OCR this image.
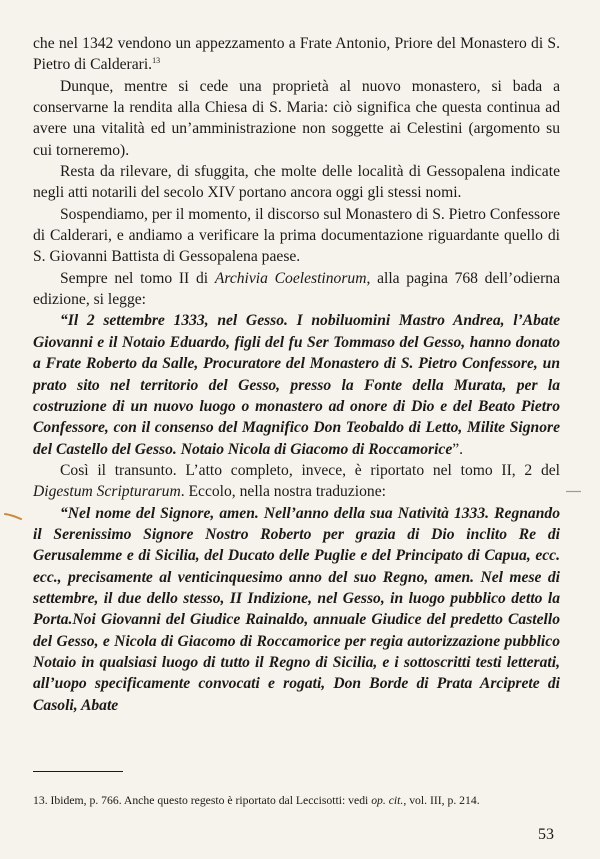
che nel 1342 vendono un appezzamento a Frate Antonio, Priore del Monastero di S. Pietro di Calderari.$^{13}$

Dunque, mentre si cede una proprietà al nuovo monastero, si bada a conservarne la rendita alla Chiesa di S. Maria: ciò significa che questa continua ad avere una vitalità ed un’amministrazione non soggette ai Celestini (argomento su cui torneremo).

Resta da rilevare, di sfuggita, che molte delle località di Gessopalena indicate negli atti notarili del secolo XIV portano ancora oggi gli stessi nomi.

Sospendiamo, per il momento, il discorso sul Monastero di S. Pietro Confessore di Calderari, e andiamo a verificare la prima documentazione riguardante quello di S. Giovanni Battista di Gessopalena paese.

Sempre nel tomo II di Archivia Coelestinorum, alla pagina 768 dell’odierna edizione, si legge:

“Il 2 settembre 1333, nel Gesso. I nobiluomini Mastro Andrea, l’Abate Giovanni e il Notaio Eduardo, figli del fu Ser Tommaso del Gesso, hanno donato a Frate Roberto da Salle, Procuratore del Monastero di S. Pietro Confessore, un prato sito nel territorio del Gesso, presso la Fonte della Murata, per la costruzione di un nuovo luogo o monastero ad onore di Dio e del Beato Pietro Confessore, con il consenso del Magnifico Don Teobaldo di Letto, Milite Signore del Castello del Gesso. Notaio Nicola di Giacomo di Roccamorice”.

Così il transunto. L’atto completo, invece, è riportato nel tomo II, 2 del Digestum Scripturarum. Eccolo, nella nostra traduzione:

“Nel nome del Signore, amen. Nell’anno della sua Natività 1333. Regnando il Serenissimo Signore Nostro Roberto per grazia di Dio inclito Re di Gerusalemme e di Sicilia, del Ducato delle Puglie e del Principato di Capua, ecc. ecc., precisamente al venticinquesimo anno del suo Regno, amen. Nel mese di settembre, il due dello stesso, II Indizione, nel Gesso, in luogo pubblico detto la Porta.Noi Giovanni del Giudice Rainaldo, annuale Giudice del predetto Castello del Gesso, e Nicola di Giacomo di Roccamorice per regia autorizzazione pubblico Notaio in qualsiasi luogo di tutto il Regno di Sicilia, e i sottoscritti testi letterati, all’uopo specificamente convocati e rogati, Don Borde di Prata Arciprete di Casoli, Abate

13. Ibidem, p. 766. Anche questo regesto è riportato dal Leccisotti: vedi op. cit., vol. III, p. 214.
53
